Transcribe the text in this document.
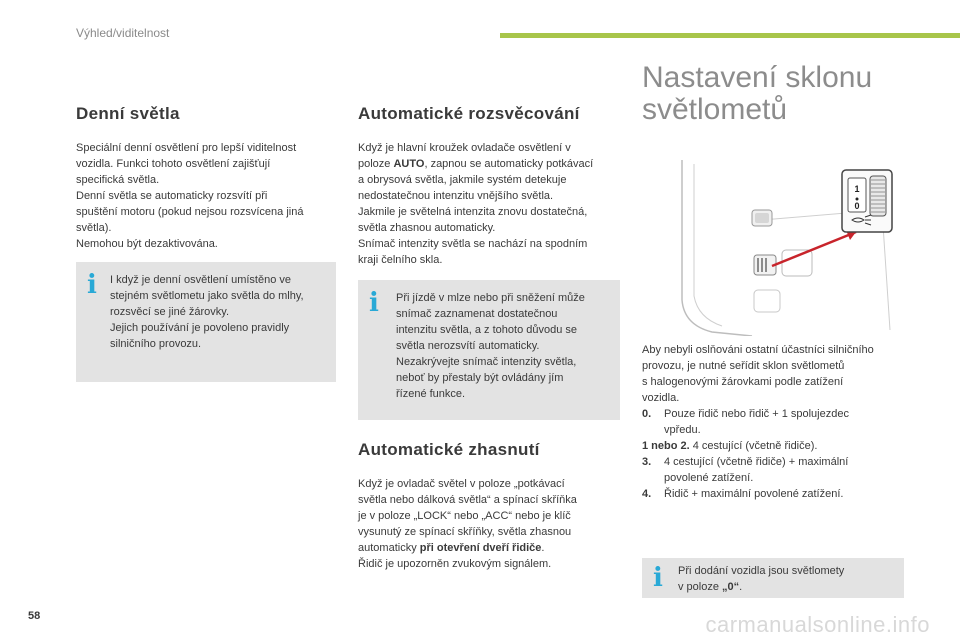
Výhled/viditelnost
Denní světla

Speciální denní osvětlení pro lepší viditelnost
vozidla. Funkci tohoto osvětlení zajišťují
specifická světla.
Denní světla se automaticky rozsvítí při
spuštění motoru (pokud nejsou rozsvícena jiná
světla).
Nemohou být dezaktivována.

i I když je denní osvětlení umístěno ve
stejném světlometu jako světla do mlhy,
rozsvěcí se jiné žárovky.
Jejich používání je povoleno pravidly
silničního provozu.

Automatické rozsvěcování

Když je hlavní kroužek ovladače osvětlení v
poloze AUTO, zapnou se automaticky potkávací
a obrysová světla, jakmile systém detekuje
nedostatečnou intenzitu vnějšího světla.
Jakmile je světelná intenzita znovu dostatečná,
světla zhasnou automaticky.
Snímač intenzity světla se nachází na spodním
kraji čelního skla.

i Při jízdě v mlze nebo při sněžení může
snímač zaznamenat dostatečnou
intenzitu světla, a z tohoto důvodu se
světla nerozsvítí automaticky.
Nezakrývejte snímač intenzity světla,
neboť by přestaly být ovládány jím
řízené funkce.

Automatické zhasnutí

Když je ovladač světel v poloze „potkávací
světla nebo dálková světla“ a spínací skříňka
je v poloze „LOCK“ nebo „ACC“ nebo je klíč
vysunutý ze spínací skříňky, světla zhasnou
automaticky při otevření dveří řidiče.
Řidič je upozorněn zvukovým signálem.

Nastavení sklonu
světlometů
1
0

Aby nebyli oslňováni ostatní účastníci silničního
provozu, je nutné seřídit sklon světlometů
s halogenovými žárovkami podle zatížení
vozidla.

0. Pouze řidič nebo řidič + 1 spolujezdec
vpředu.

1 nebo 2. 4 cestující (včetně řidiče).

3. 4 cestující (včetně řidiče) + maximální
povolené zatížení.

4. Řidič + maximální povolené zatížení.

i Při dodání vozidla jsou světlomety
v poloze „0“.

58	carmanualsonline.info
